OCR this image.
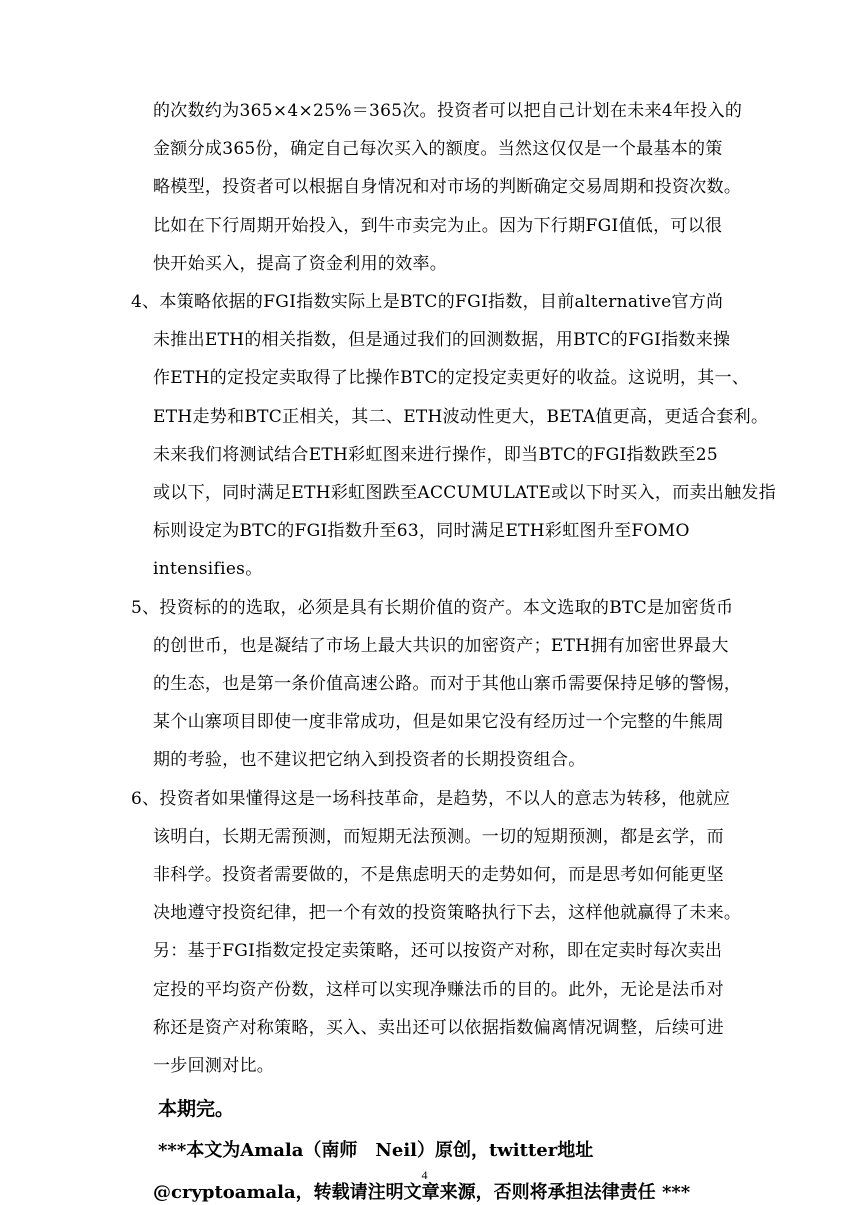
的次数约为365×4×25%＝365次。投资者可以把自己计划在未来4年投入的
金额分成365份，确定自己每次买入的额度。当然这仅仅是一个最基本的策
略模型，投资者可以根据自身情况和对市场的判断确定交易周期和投资次数。
比如在下行周期开始投入，到牛市卖完为止。因为下行期FGI值低，可以很
快开始买入，提高了资金利用的效率。
4、本策略依据的FGI指数实际上是BTC的FGI指数，目前alternative官方尚
未推出ETH的相关指数，但是通过我们的回测数据，用BTC的FGI指数来操
作ETH的定投定卖取得了比操作BTC的定投定卖更好的收益。这说明，其一、
ETH走势和BTC正相关，其二、ETH波动性更大，BETA值更高，更适合套利。
未来我们将测试结合ETH彩虹图来进行操作，即当BTC的FGI指数跌至25
或以下，同时满足ETH彩虹图跌至ACCUMULATE或以下时买入，而卖出触发指
标则设定为BTC的FGI指数升至63，同时满足ETH彩虹图升至FOMO
intensifies。
5、投资标的的选取，必须是具有长期价值的资产。本文选取的BTC是加密货币
的创世币，也是凝结了市场上最大共识的加密资产；ETH拥有加密世界最大
的生态，也是第一条价值高速公路。而对于其他山寨币需要保持足够的警惕，
某个山寨项目即使一度非常成功，但是如果它没有经历过一个完整的牛熊周
期的考验，也不建议把它纳入到投资者的长期投资组合。
6、投资者如果懂得这是一场科技革命，是趋势，不以人的意志为转移，他就应
该明白，长期无需预测，而短期无法预测。一切的短期预测，都是玄学，而
非科学。投资者需要做的，不是焦虑明天的走势如何，而是思考如何能更坚
决地遵守投资纪律，把一个有效的投资策略执行下去，这样他就赢得了未来。
另：基于FGI指数定投定卖策略，还可以按资产对称，即在定卖时每次卖出
定投的平均资产份数，这样可以实现净赚法币的目的。此外，无论是法币对
称还是资产对称策略，买入、卖出还可以依据指数偏离情况调整，后续可进
一步回测对比。
本期完。
***本文为Amala（南师　Neil）原创，twitter地址
@cryptoamala，转载请注明文章来源，否则将承担法律责任 ***
4
